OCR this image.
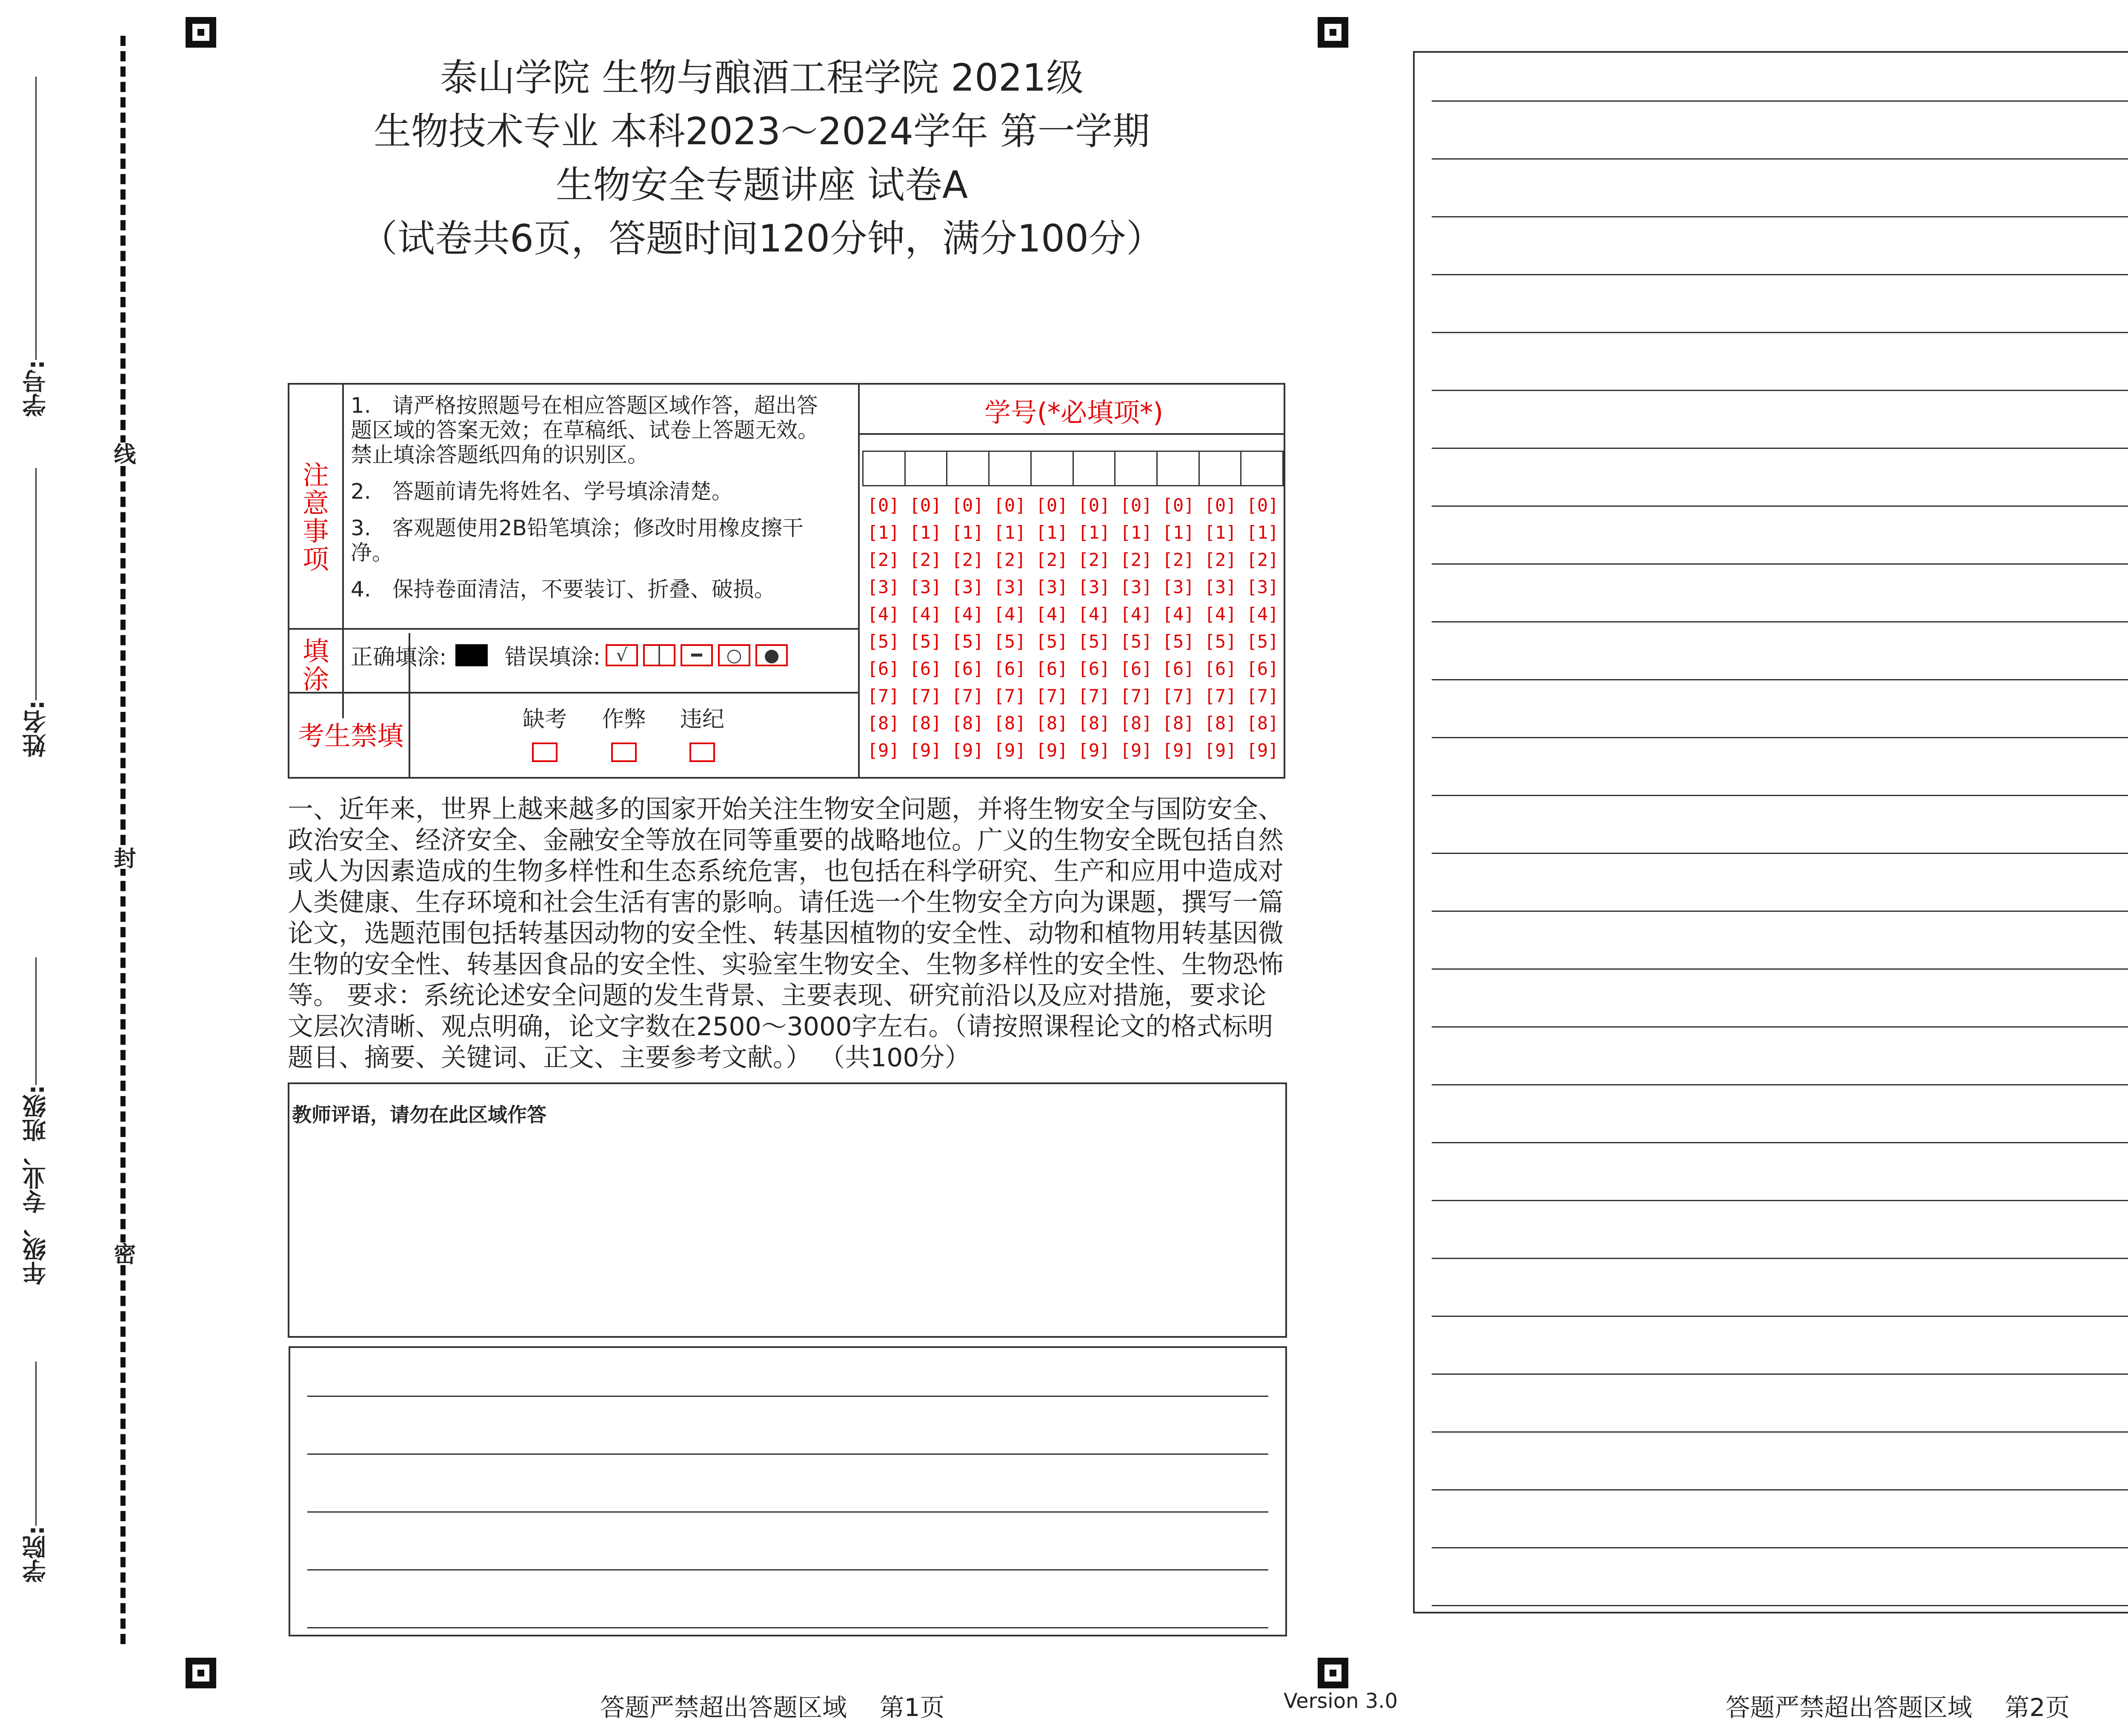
学号:
姓名:
年级、专业、班级:
学院:
线
封
密
泰山学院 生物与酿酒工程学院 2021级
生物技术专业 本科2023～2024学年 第一学期
生物安全专题讲座 试卷A
（试卷共6页，答题时间120分钟，满分100分）
注
意
事
项
1.　请严格按照题号在相应答题区域作答，超出答题区域的答案无效；在草稿纸、试卷上答题无效。禁止填涂答题纸四角的识别区。
2.　答题前请先将姓名、学号填涂清楚。
3.　客观题使用2B铅笔填涂；修改时用橡皮擦干净。
4.　保持卷面清洁，不要装订、折叠、破损。
填
涂
正确填涂:	错误填涂: √	│	━	○	●
考生禁填
缺考	作弊	违纪
学号(*必填项*)
[0] [0] [0] [0] [0] [0] [0] [0] [0] [0]
[1] [1] [1] [1] [1] [1] [1] [1] [1] [1]
[2] [2] [2] [2] [2] [2] [2] [2] [2] [2]
[3] [3] [3] [3] [3] [3] [3] [3] [3] [3]
[4] [4] [4] [4] [4] [4] [4] [4] [4] [4]
[5] [5] [5] [5] [5] [5] [5] [5] [5] [5]
[6] [6] [6] [6] [6] [6] [6] [6] [6] [6]
[7] [7] [7] [7] [7] [7] [7] [7] [7] [7]
[8] [8] [8] [8] [8] [8] [8] [8] [8] [8]
[9] [9] [9] [9] [9] [9] [9] [9] [9] [9]
一、近年来，世界上越来越多的国家开始关注生物安全问题，并将生物安全与国防安全、政治安全、经济安全、金融安全等放在同等重要的战略地位。广义的生物安全既包括自然或人为因素造成的生物多样性和生态系统危害，也包括在科学研究、生产和应用中造成对人类健康、生存环境和社会生活有害的影响。请任选一个生物安全方向为课题，撰写一篇论文，选题范围包括转基因动物的安全性、转基因植物的安全性、动物和植物用转基因微生物的安全性、转基因食品的安全性、实验室生物安全、生物多样性的安全性、生物恐怖等。 要求：系统论述安全问题的发生背景、主要表现、研究前沿以及应对措施，要求论文层次清晰、观点明确，论文字数在2500～3000字左右。（请按照课程论文的格式标明题目、摘要、关键词、正文、主要参考文献。） （共100分）
教师评语，请勿在此区域作答
答题严禁超出答题区域　 第1页	Version 3.0	答题严禁超出答题区域　 第2页
